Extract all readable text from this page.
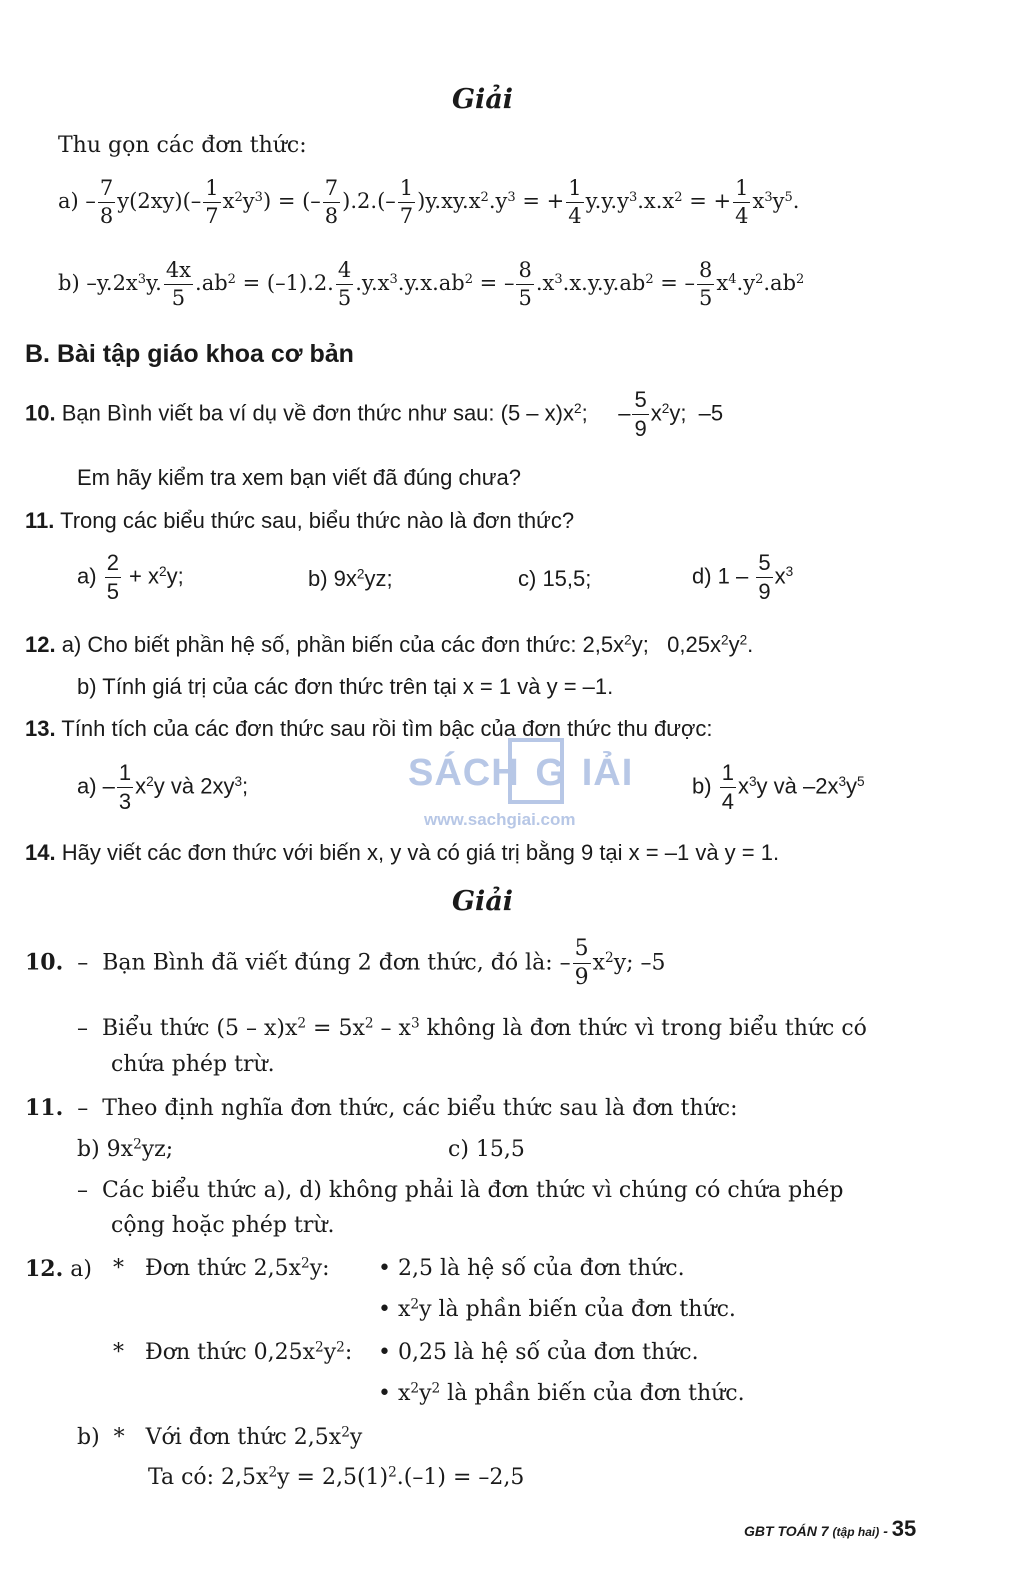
Giải
Thu gọn các đơn thức:
$a) - \frac{7}{8} y(2xy)(- \frac{1}{7} x^2y^3)$ = (– $\frac{7}{8} ).2.(- \frac{1}{7} )y.xy.x^2.y^3$ = + $\frac{1}{4} y.y.y^3.x.x^2$ = + $\frac{1}{4} x^3y^5$.
b) $-y.2x^3y$. $\frac{4x}{5} .ab^2 = (-1).2$. $\frac{4}{5} .y.x^3.y.x.ab^2$ = – $\frac{8}{5} .x^3.x.y.y.ab^2$ = – $\frac{8}{5} x^4.y^2.ab^2$
B. Bài tập giáo khoa cơ bản
10. Bạn Bình viết ba ví dụ về đơn thức như sau: $(5 - x)x^2$;     – $\frac{5}{9} x^2y$;  –5
Em hãy kiểm tra xem bạn viết đã đúng chưa?
11. Trong các biểu thức sau, biểu thức nào là đơn thức?
$a) \frac{2}{5} + x^2y$;	b) $9x^2yz$;	c) 15,5;	d) $1 - \frac{5}{9} x^3$
12. a) Cho biết phần hệ số, phần biến của các đơn thức: $2,5x^2y$;   $0,25x^2y^2$.
b) Tính giá trị của các đơn thức trên tại x = 1 và y = –1.
13. Tính tích của các đơn thức sau rồi tìm bậc của đơn thức thu được:
$a) - \frac{1}{3} x^2y$ và $2xy^3$;	$b) \frac{1}{4} x^3y$ và $-2x^3y^5$
SÁCH G IẢI
www.sachgiai.com
14. Hãy viết các đơn thức với biến x, y và có giá trị bằng 9 tại x = –1 và y = 1.
Giải
10.  –  Bạn Bình đã viết đúng 2 đơn thức, đó là: – $\frac{5}{9} x^2y$; –5
–  Biểu thức $(5 - x)x^2 = 5x^2 - x^3$ không là đơn thức vì trong biểu thức có
chứa phép trừ.
11.  –  Theo định nghĩa đơn thức, các biểu thức sau là đơn thức:
b) $9x^2yz$;	c) 15,5
–  Các biểu thức a), d) không phải là đơn thức vì chúng có chứa phép
cộng hoặc phép trừ.
12. a) *   Đơn thức $2,5x^2y$: • 2,5 là hệ số của đơn thức.
• $x^2y$ là phần biến của đơn thức.
*   Đơn thức $0,25x^2y^2$: • 0,25 là hệ số của đơn thức.
• $x^2y^2$ là phần biến của đơn thức.
b)  *   Với đơn thức $2,5x^2y$
Ta có: $2,5x^2y = 2,5(1)^2.(-1) = -2,5$
GBT TOÁN 7 (tập hai) - 35
